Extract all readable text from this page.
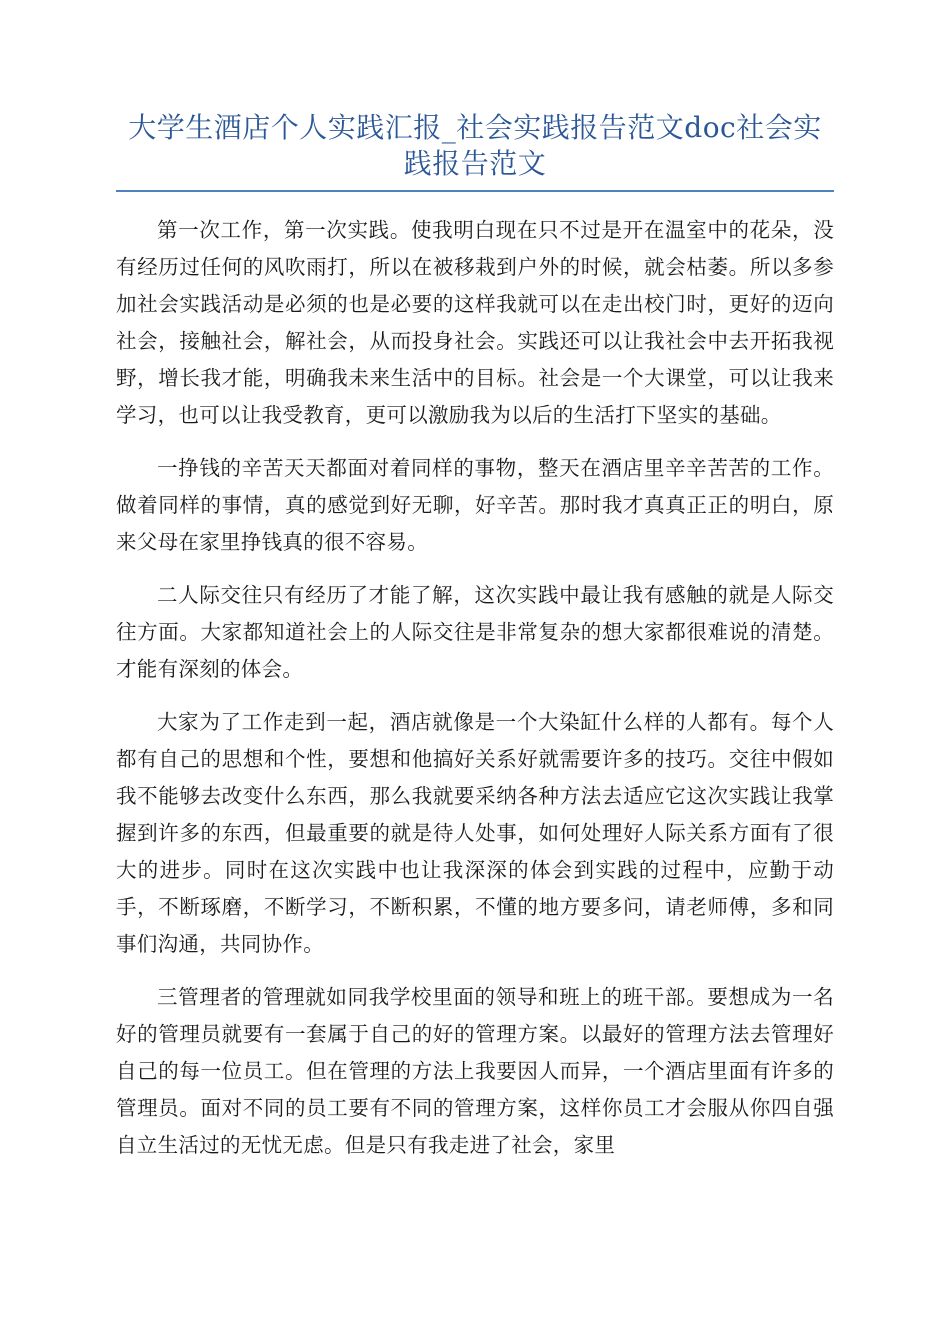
大学生酒店个人实践汇报_社会实践报告范文doc社会实践报告范文

第一次工作，第一次实践。使我明白现在只不过是开在温室中的花朵，没有经历过任何的风吹雨打，所以在被移栽到户外的时候，就会枯萎。所以多参加社会实践活动是必须的也是必要的这样我就可以在走出校门时，更好的迈向社会，接触社会，解社会，从而投身社会。实践还可以让我社会中去开拓我视野，增长我才能，明确我未来生活中的目标。社会是一个大课堂，可以让我来学习，也可以让我受教育，更可以激励我为以后的生活打下坚实的基础。

一挣钱的辛苦天天都面对着同样的事物，整天在酒店里辛辛苦苦的工作。做着同样的事情，真的感觉到好无聊，好辛苦。那时我才真真正正的明白，原来父母在家里挣钱真的很不容易。

二人际交往只有经历了才能了解，这次实践中最让我有感触的就是人际交往方面。大家都知道社会上的人际交往是非常复杂的想大家都很难说的清楚。才能有深刻的体会。

大家为了工作走到一起，酒店就像是一个大染缸什么样的人都有。每个人都有自己的思想和个性，要想和他搞好关系好就需要许多的技巧。交往中假如我不能够去改变什么东西，那么我就要采纳各种方法去适应它这次实践让我掌握到许多的东西，但最重要的就是待人处事，如何处理好人际关系方面有了很大的进步。同时在这次实践中也让我深深的体会到实践的过程中，应勤于动手，不断琢磨，不断学习，不断积累，不懂的地方要多问，请老师傅，多和同事们沟通，共同协作。

三管理者的管理就如同我学校里面的领导和班上的班干部。要想成为一名好的管理员就要有一套属于自己的好的管理方案。以最好的管理方法去管理好自己的每一位员工。但在管理的方法上我要因人而异，一个酒店里面有许多的管理员。面对不同的员工要有不同的管理方案，这样你员工才会服从你四自强自立生活过的无忧无虑。但是只有我走进了社会，家里
